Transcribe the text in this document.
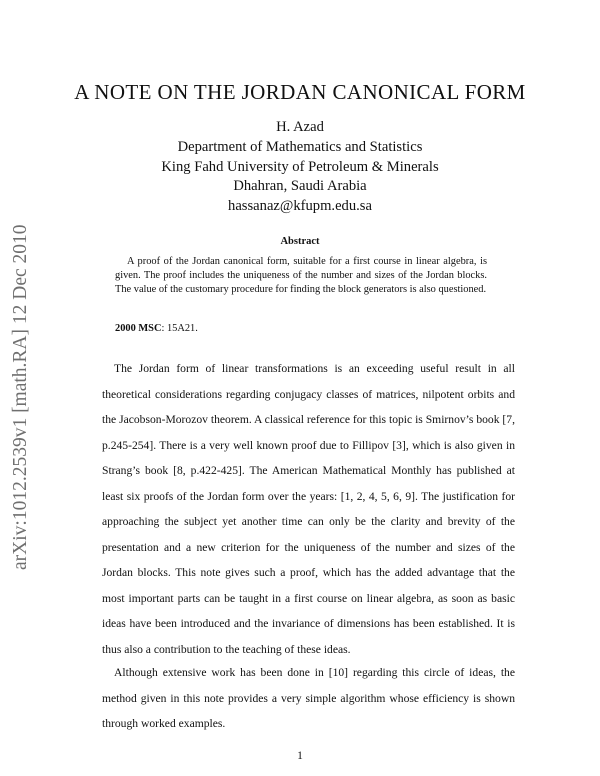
arXiv:1012.2539v1 [math.RA] 12 Dec 2010
A NOTE ON THE JORDAN CANONICAL FORM
H. Azad
Department of Mathematics and Statistics
King Fahd University of Petroleum & Minerals
Dhahran, Saudi Arabia
hassanaz@kfupm.edu.sa
Abstract
A proof of the Jordan canonical form, suitable for a first course in linear algebra, is given. The proof includes the uniqueness of the number and sizes of the Jordan blocks. The value of the customary procedure for finding the block generators is also questioned.
2000 MSC: 15A21.
The Jordan form of linear transformations is an exceeding useful result in all theoretical considerations regarding conjugacy classes of matrices, nilpotent orbits and the Jacobson-Morozov theorem. A classical reference for this topic is Smirnov’s book [7, p.245-254]. There is a very well known proof due to Fillipov [3], which is also given in Strang’s book [8, p.422-425]. The American Mathematical Monthly has published at least six proofs of the Jordan form over the years: [1, 2, 4, 5, 6, 9]. The justification for approaching the subject yet another time can only be the clarity and brevity of the presentation and a new criterion for the uniqueness of the number and sizes of the Jordan blocks. This note gives such a proof, which has the added advantage that the most important parts can be taught in a first course on linear algebra, as soon as basic ideas have been introduced and the invariance of dimensions has been established. It is thus also a contribution to the teaching of these ideas.
Although extensive work has been done in [10] regarding this circle of ideas, the method given in this note provides a very simple algorithm whose efficiency is shown through worked examples.
1
